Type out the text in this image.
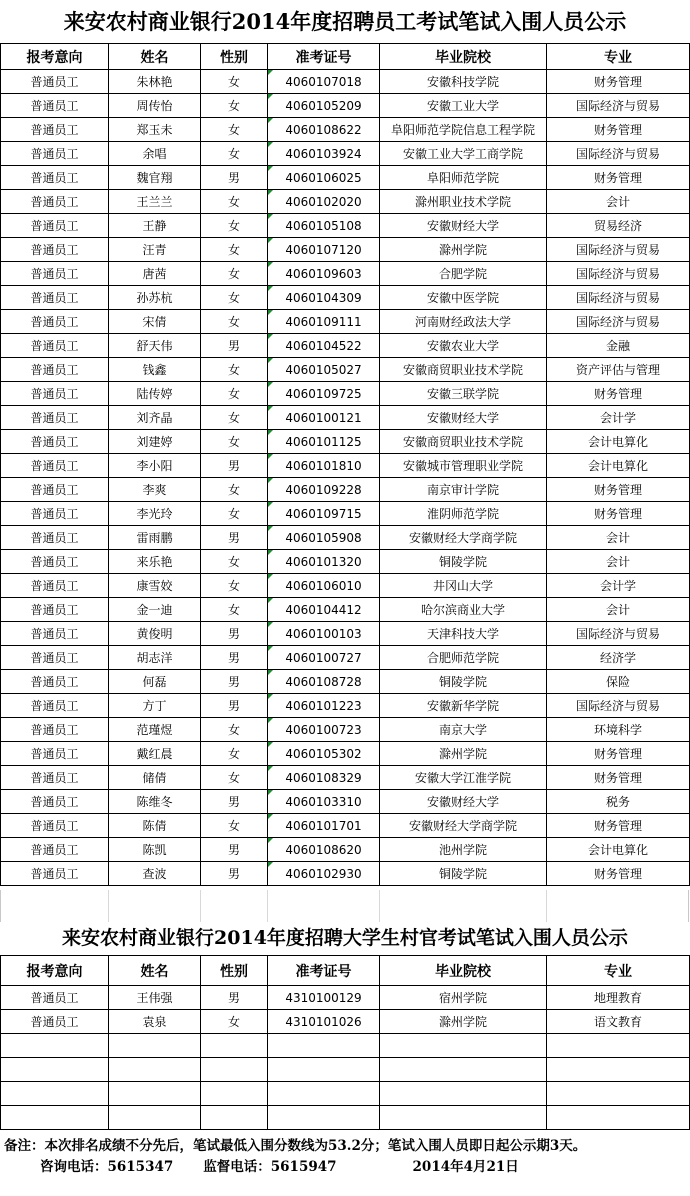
来安农村商业银行2014年度招聘员工考试笔试入围人员公示
报考意向	姓名	性别	准考证号	毕业院校	专业
普通员工	朱林艳	女	4060107018	安徽科技学院	财务管理
普通员工	周传怡	女	4060105209	安徽工业大学	国际经济与贸易
普通员工	郑玉未	女	4060108622	阜阳师范学院信息工程学院	财务管理
普通员工	余唱	女	4060103924	安徽工业大学工商学院	国际经济与贸易
普通员工	魏官翔	男	4060106025	阜阳师范学院	财务管理
普通员工	王兰兰	女	4060102020	滁州职业技术学院	会计
普通员工	王静	女	4060105108	安徽财经大学	贸易经济
普通员工	汪青	女	4060107120	滁州学院	国际经济与贸易
普通员工	唐茜	女	4060109603	合肥学院	国际经济与贸易
普通员工	孙苏杭	女	4060104309	安徽中医学院	国际经济与贸易
普通员工	宋倩	女	4060109111	河南财经政法大学	国际经济与贸易
普通员工	舒天伟	男	4060104522	安徽农业大学	金融
普通员工	钱鑫	女	4060105027	安徽商贸职业技术学院	资产评估与管理
普通员工	陆传婷	女	4060109725	安徽三联学院	财务管理
普通员工	刘齐晶	女	4060100121	安徽财经大学	会计学
普通员工	刘建婷	女	4060101125	安徽商贸职业技术学院	会计电算化
普通员工	李小阳	男	4060101810	安徽城市管理职业学院	会计电算化
普通员工	李爽	女	4060109228	南京审计学院	财务管理
普通员工	李光玲	女	4060109715	淮阴师范学院	财务管理
普通员工	雷雨鹏	男	4060105908	安徽财经大学商学院	会计
普通员工	来乐艳	女	4060101320	铜陵学院	会计
普通员工	康雪姣	女	4060106010	井冈山大学	会计学
普通员工	金一迪	女	4060104412	哈尔滨商业大学	会计
普通员工	黄俊明	男	4060100103	天津科技大学	国际经济与贸易
普通员工	胡志洋	男	4060100727	合肥师范学院	经济学
普通员工	何磊	男	4060108728	铜陵学院	保险
普通员工	方丁	男	4060101223	安徽新华学院	国际经济与贸易
普通员工	范瑾煜	女	4060100723	南京大学	环境科学
普通员工	戴红晨	女	4060105302	滁州学院	财务管理
普通员工	储倩	女	4060108329	安徽大学江淮学院	财务管理
普通员工	陈维冬	男	4060103310	安徽财经大学	税务
普通员工	陈倩	女	4060101701	安徽财经大学商学院	财务管理
普通员工	陈凯	男	4060108620	池州学院	会计电算化
普通员工	查波	男	4060102930	铜陵学院	财务管理
来安农村商业银行2014年度招聘大学生村官考试笔试入围人员公示
报考意向	姓名	性别	准考证号	毕业院校	专业
普通员工	王伟强	男	4310100129	宿州学院	地理教育
普通员工	袁泉	女	4310101026	滁州学院	语文教育

备注：本次排名成绩不分先后，笔试最低入围分数线为53.2分；笔试入围人员即日起公示期3天。
咨询电话：5615347 监督电话：5615947	2014年4月21日
